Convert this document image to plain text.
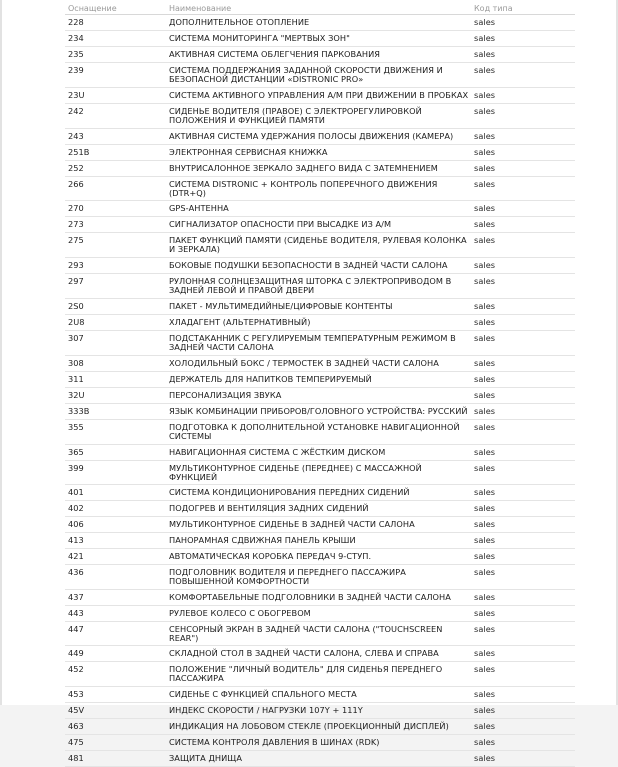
Оснащение	Наименование	Код типа
228	ДОПОЛНИТЕЛЬНОЕ ОТОПЛЕНИЕ	sales
234	СИСТЕМА МОНИТОРИНГА "МЕРТВЫХ ЗОН"	sales
235	АКТИВНАЯ СИСТЕМА ОБЛЕГЧЕНИЯ ПАРКОВАНИЯ	sales
239	СИСТЕМА ПОДДЕРЖАНИЯ ЗАДАННОЙ СКОРОСТИ ДВИЖЕНИЯ И БЕЗОПАСНОЙ ДИСТАНЦИИ «DISTRONIC PRO»	sales
23U	СИСТЕМА АКТИВНОГО УПРАВЛЕНИЯ А/М ПРИ ДВИЖЕНИИ В ПРОБКАХ	sales
242	СИДЕНЬЕ ВОДИТЕЛЯ (ПРАВОЕ) С ЭЛЕКТРОРЕГУЛИРОВКОЙ ПОЛОЖЕНИЯ И ФУНКЦИЕЙ ПАМЯТИ	sales
243	АКТИВНАЯ СИСТЕМА УДЕРЖАНИЯ ПОЛОСЫ ДВИЖЕНИЯ (КАМЕРА)	sales
251B	ЭЛЕКТРОННАЯ СЕРВИСНАЯ КНИЖКА	sales
252	ВНУТРИСАЛОННОЕ ЗЕРКАЛО ЗАДНЕГО ВИДА С ЗАТЕМНЕНИЕМ	sales
266	СИСТЕМА DISTRONIC + КОНТРОЛЬ ПОПЕРЕЧНОГО ДВИЖЕНИЯ (DTR+Q)	sales
270	GPS-АНТЕННА	sales
273	СИГНАЛИЗАТОР ОПАСНОСТИ ПРИ ВЫСАДКЕ ИЗ А/М	sales
275	ПАКЕТ ФУНКЦИЙ ПАМЯТИ (СИДЕНЬЕ ВОДИТЕЛЯ, РУЛЕВАЯ КОЛОНКА И ЗЕРКАЛА)	sales
293	БОКОВЫЕ ПОДУШКИ БЕЗОПАСНОСТИ В ЗАДНЕЙ ЧАСТИ САЛОНА	sales
297	РУЛОННАЯ СОЛНЦЕЗАЩИТНАЯ ШТОРКА С ЭЛЕКТРОПРИВОДОМ В ЗАДНЕЙ ЛЕВОЙ И ПРАВОЙ ДВЕРИ	sales
2S0	ПАКЕТ - МУЛЬТИМЕДИЙНЫЕ/ЦИФРОВЫЕ КОНТЕНТЫ	sales
2U8	ХЛАДАГЕНТ (АЛЬТЕРНАТИВНЫЙ)	sales
307	ПОДСТАКАННИК С РЕГУЛИРУЕМЫМ ТЕМПЕРАТУРНЫМ РЕЖИМОМ В ЗАДНЕЙ ЧАСТИ САЛОНА	sales
308	ХОЛОДИЛЬНЫЙ БОКС / ТЕРМОСТЕК В ЗАДНЕЙ ЧАСТИ САЛОНА	sales
311	ДЕРЖАТЕЛЬ ДЛЯ НАПИТКОВ ТЕМПЕРИРУЕМЫЙ	sales
32U	ПЕРСОНАЛИЗАЦИЯ ЗВУКА	sales
333B	ЯЗЫК КОМБИНАЦИИ ПРИБОРОВ/ГОЛОВНОГО УСТРОЙСТВА: РУССКИЙ	sales
355	ПОДГОТОВКА К ДОПОЛНИТЕЛЬНОЙ УСТАНОВКЕ НАВИГАЦИОННОЙ СИСТЕМЫ	sales
365	НАВИГАЦИОННАЯ СИСТЕМА С ЖЁСТКИМ ДИСКОМ	sales
399	МУЛЬТИКОНТУРНОЕ СИДЕНЬЕ (ПЕРЕДНЕЕ) С МАССАЖНОЙ ФУНКЦИЕЙ	sales
401	СИСТЕМА КОНДИЦИОНИРОВАНИЯ ПЕРЕДНИХ СИДЕНИЙ	sales
402	ПОДОГРЕВ И ВЕНТИЛЯЦИЯ ЗАДНИХ СИДЕНИЙ	sales
406	МУЛЬТИКОНТУРНОЕ СИДЕНЬЕ В ЗАДНЕЙ ЧАСТИ САЛОНА	sales
413	ПАНОРАМНАЯ СДВИЖНАЯ ПАНЕЛЬ КРЫШИ	sales
421	АВТОМАТИЧЕСКАЯ КОРОБКА ПЕРЕДАЧ 9-СТУП.	sales
436	ПОДГОЛОВНИК ВОДИТЕЛЯ И ПЕРЕДНЕГО ПАССАЖИРА ПОВЫШЕННОЙ КОМФОРТНОСТИ	sales
437	КОМФОРТАБЕЛЬНЫЕ ПОДГОЛОВНИКИ В ЗАДНЕЙ ЧАСТИ САЛОНА	sales
443	РУЛЕВОЕ КОЛЕСО С ОБОГРЕВОМ	sales
447	СЕНСОРНЫЙ ЭКРАН В ЗАДНЕЙ ЧАСТИ САЛОНА ("TOUCHSCREEN REAR")	sales
449	СКЛАДНОЙ СТОЛ В ЗАДНЕЙ ЧАСТИ САЛОНА, СЛЕВА И СПРАВА	sales
452	ПОЛОЖЕНИЕ "ЛИЧНЫЙ ВОДИТЕЛЬ" ДЛЯ СИДЕНЬЯ ПЕРЕДНЕГО ПАССАЖИРА	sales
453	СИДЕНЬЕ С ФУНКЦИЕЙ СПАЛЬНОГО МЕСТА	sales
45V	ИНДЕКС СКОРОСТИ / НАГРУЗКИ 107Y + 111Y	sales
463	ИНДИКАЦИЯ НА ЛОБОВОМ СТЕКЛЕ (ПРОЕКЦИОННЫЙ ДИСПЛЕЙ)	sales
475	СИСТЕМА КОНТРОЛЯ ДАВЛЕНИЯ В ШИНАХ (RDK)	sales
481	ЗАЩИТА ДНИЩА	sales
